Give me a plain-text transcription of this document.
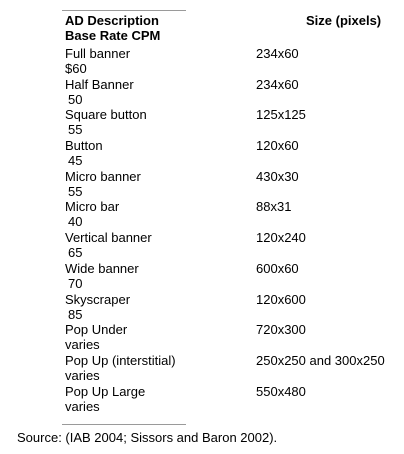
AD Description
Base Rate CPM
Size (pixels)
Full banner
$60
234x60
Half Banner
50
234x60
Square button
55
125x125
Button
45
120x60
Micro banner
55
430x30
Micro bar
40
88x31
Vertical banner
65
120x240
Wide banner
70
600x60
Skyscraper
85
120x600
Pop Under
varies
720x300
Pop Up (interstitial)
varies
250x250 and 300x250
Pop Up Large
varies
550x480
Source: (IAB 2004; Sissors and Baron 2002).
